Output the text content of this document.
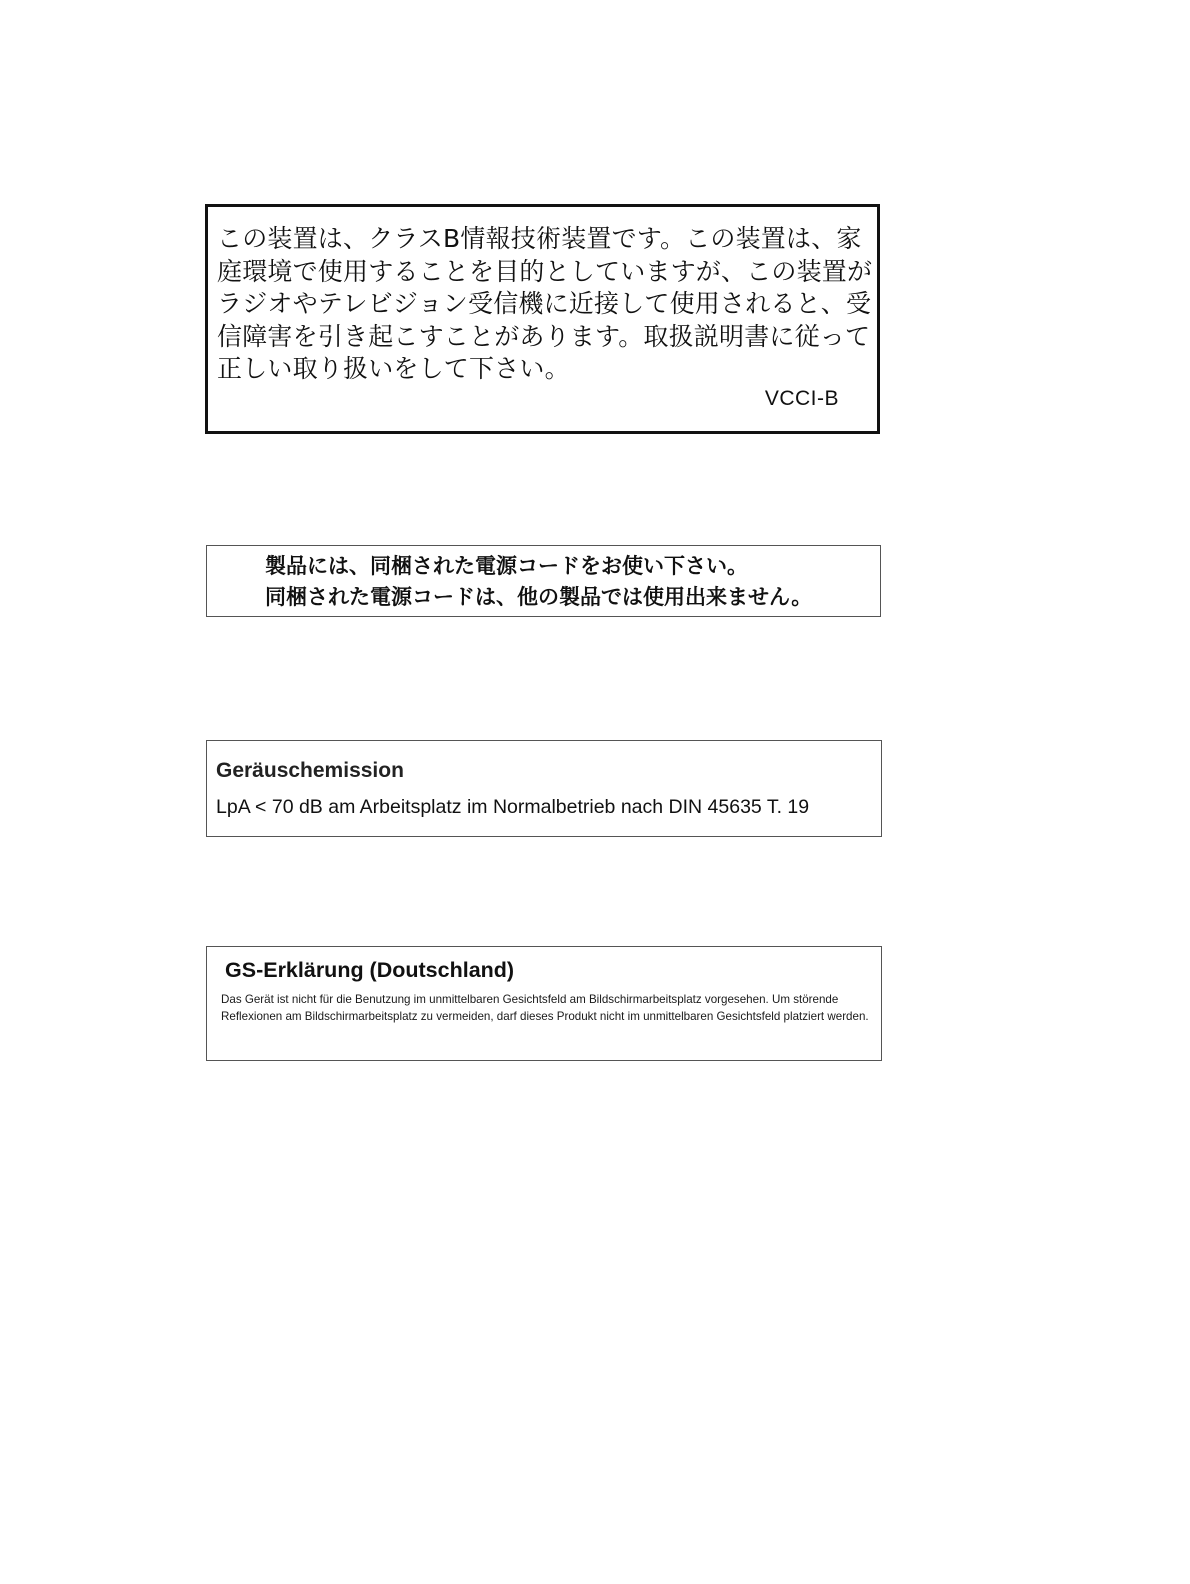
この装置は、クラスB情報技術装置です。この装置は、家
庭環境で使用することを目的としていますが、この装置が
ラジオやテレビジョン受信機に近接して使用されると、受
信障害を引き起こすことがあります。取扱説明書に従って
正しい取り扱いをして下さい。
VCCI-B
製品には、同梱された電源コードをお使い下さい。
同梱された電源コードは、他の製品では使用出来ません。
Geräuschemission
LpA < 70 dB am Arbeitsplatz im Normalbetrieb nach DIN 45635 T. 19
GS-Erklärung (Doutschland)
Das Gerät ist nicht für die Benutzung im unmittelbaren Gesichtsfeld am Bildschirmarbeitsplatz vorgesehen. Um störende Reflexionen am Bildschirmarbeitsplatz zu vermeiden, darf dieses Produkt nicht im unmittelbaren Gesichtsfeld platziert werden.
